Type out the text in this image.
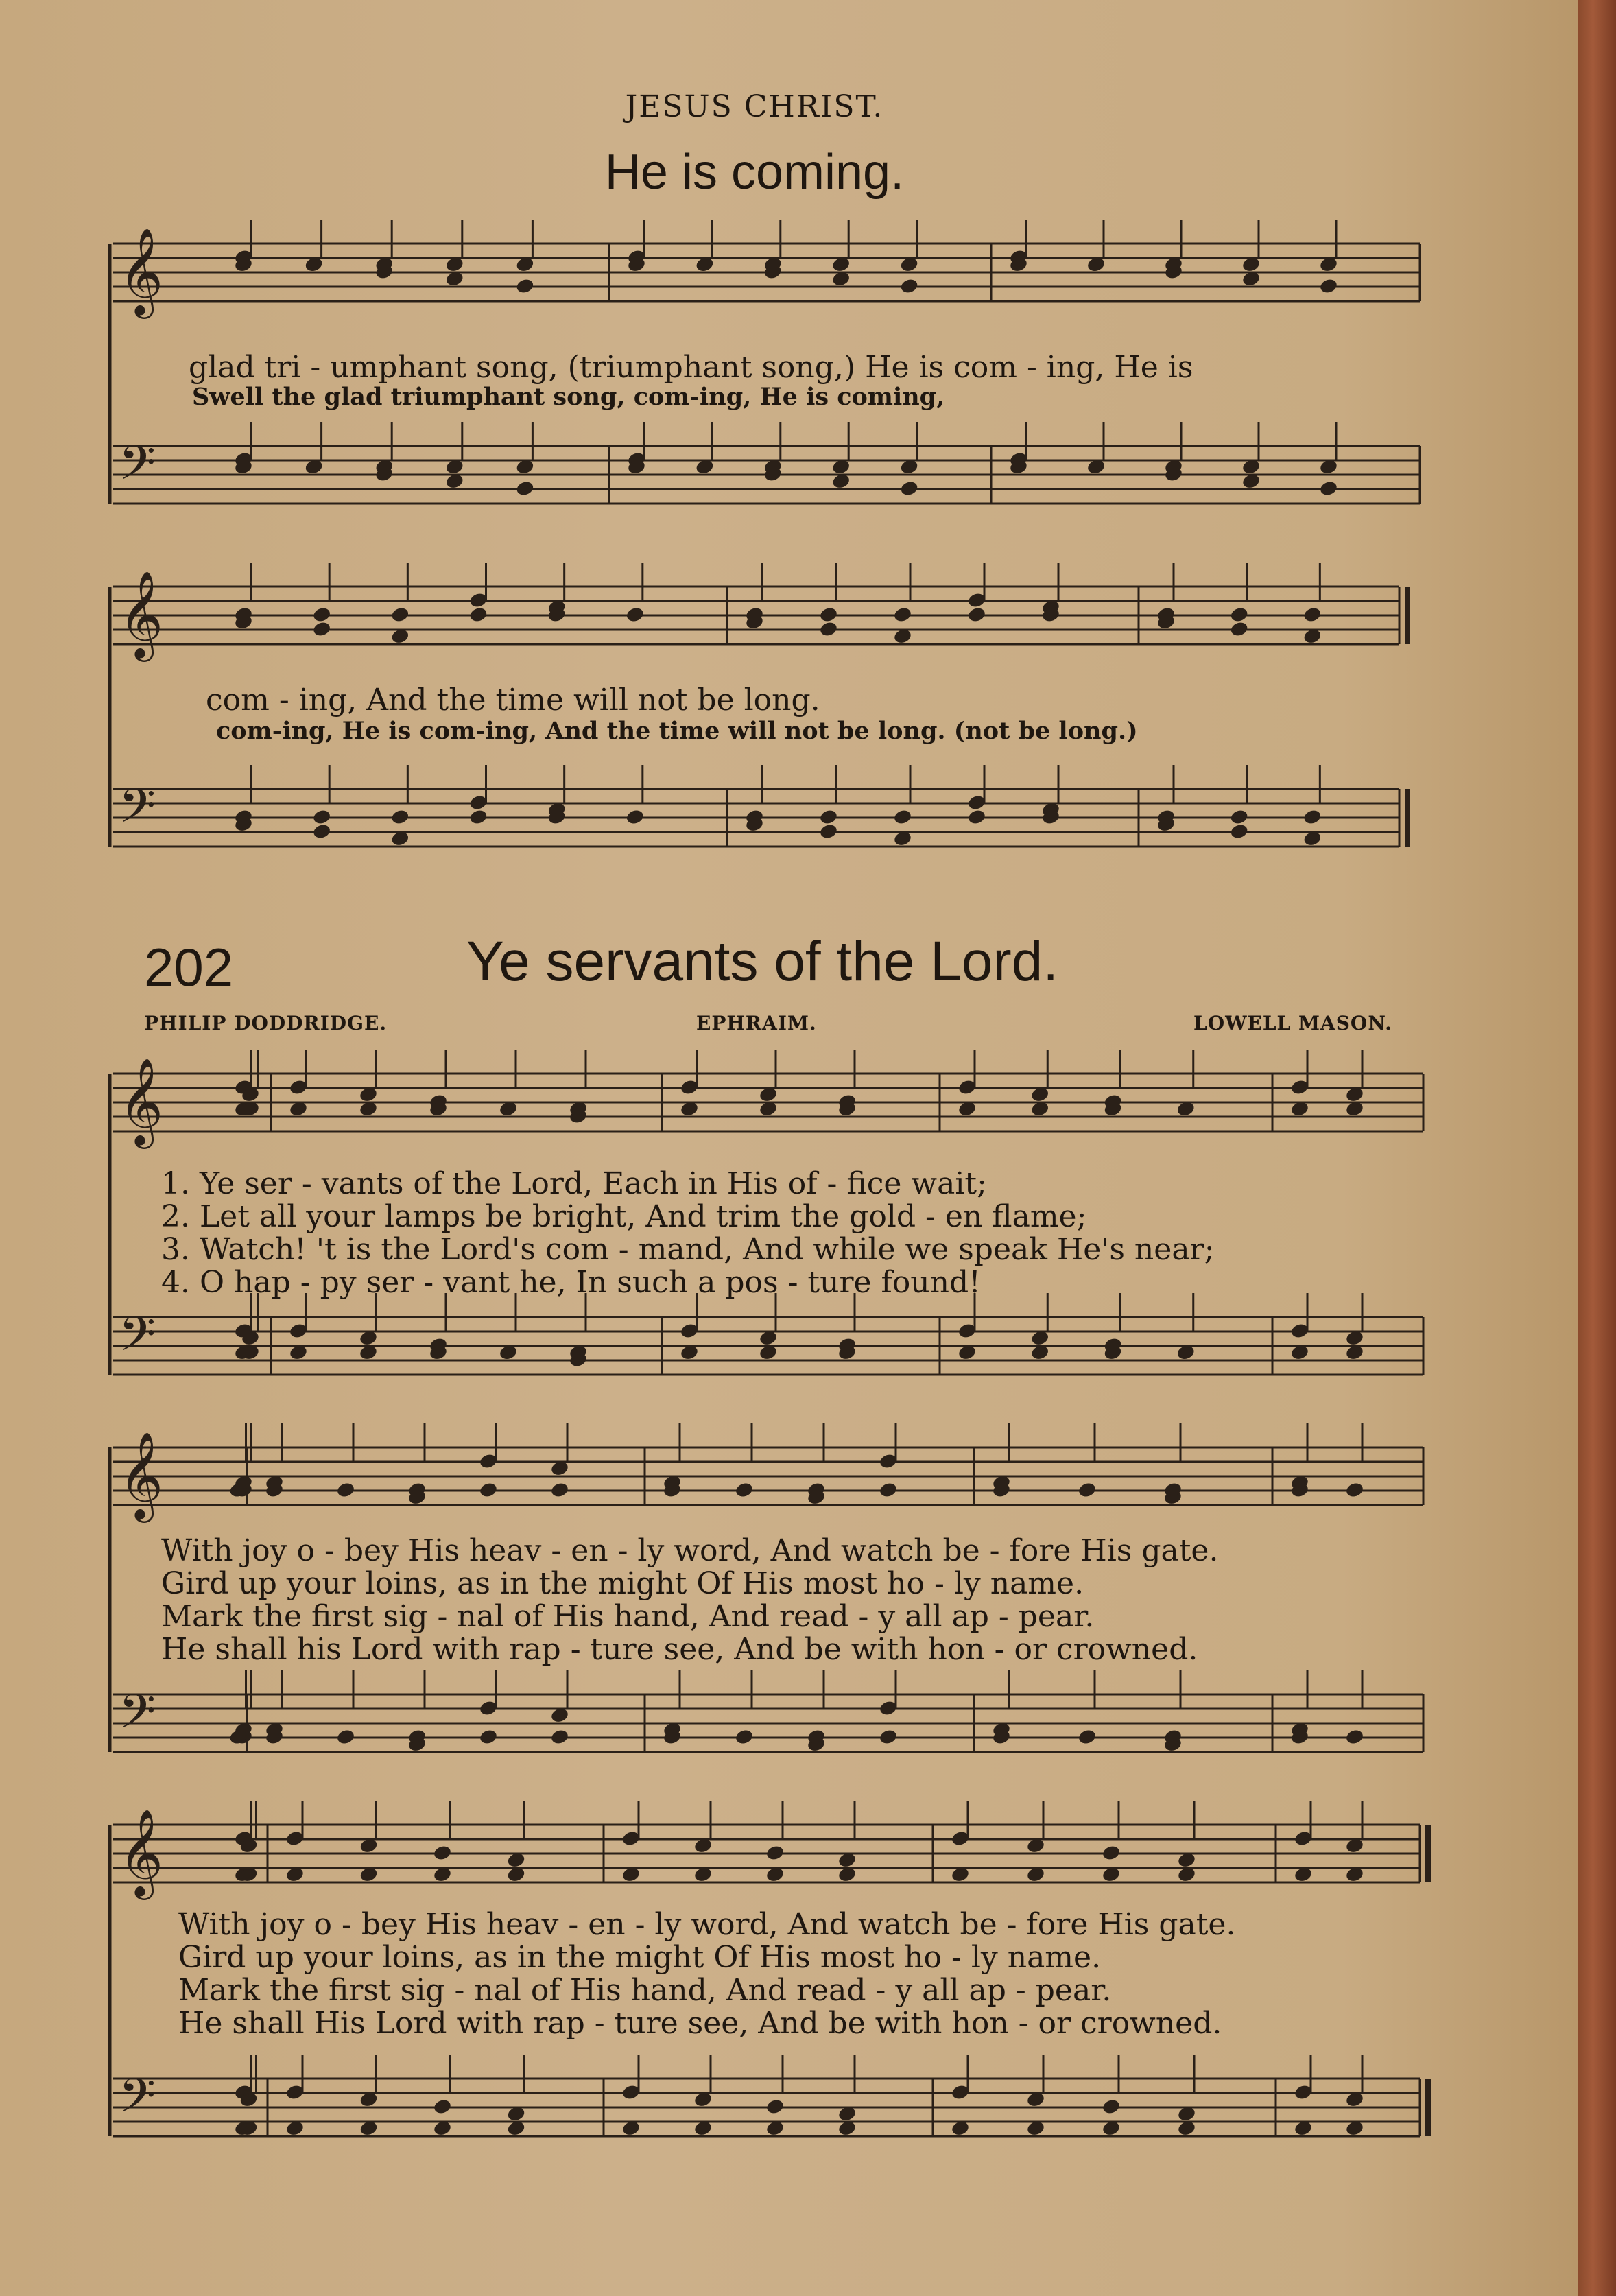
𝄞
𝄢
𝄞
𝄢
𝄞
𝄢
𝄞
𝄢
𝄞
𝄢
JESUS CHRIST.
He is coming.
glad tri - umphant song, (triumphant song,) He is com - ing, He is
Swell the glad triumphant song, com-ing, He is coming,
com - ing, And the time will not be long.
com-ing, He is com-ing, And the time will not be long. (not be long.)
202	Ye servants of the Lord.
PHILIP DODDRIDGE.	EPHRAIM.	LOWELL MASON.
1. Ye ser - vants of the Lord, Each in His of - fice wait;
2. Let all your lamps be bright, And trim the gold - en flame;
3. Watch! 't is the Lord's com - mand, And while we speak He's near;
4. O hap - py ser - vant he, In such a pos - ture found!
With joy o - bey His heav - en - ly word, And watch be - fore His gate.
Gird up your loins, as in the might Of His most ho - ly name.
Mark the first sig - nal of His hand, And read - y all ap - pear.
He shall his Lord with rap - ture see, And be with hon - or crowned.
With joy o - bey His heav - en - ly word, And watch be - fore His gate.
Gird up your loins, as in the might Of His most ho - ly name.
Mark the first sig - nal of His hand, And read - y all ap - pear.
He shall His Lord with rap - ture see, And be with hon - or crowned.
